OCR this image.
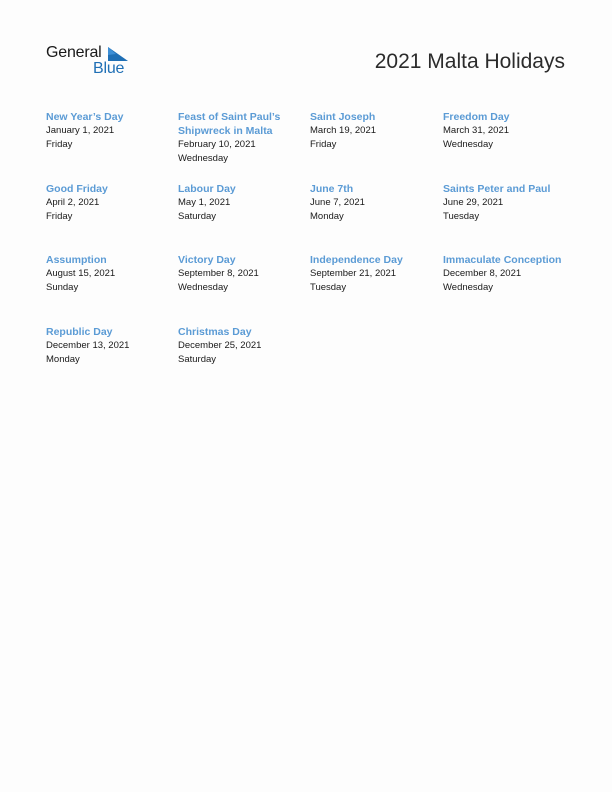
General
Blue	2021 Malta Holidays
New Year’s Day
January 1, 2021
Friday
Feast of Saint Paul’s Shipwreck in Malta
February 10, 2021
Wednesday
Saint Joseph
March 19, 2021
Friday
Freedom Day
March 31, 2021
Wednesday
Good Friday
April 2, 2021
Friday
Labour Day
May 1, 2021
Saturday
June 7th
June 7, 2021
Monday
Saints Peter and Paul
June 29, 2021
Tuesday
Assumption
August 15, 2021
Sunday
Victory Day
September 8, 2021
Wednesday
Independence Day
September 21, 2021
Tuesday
Immaculate Conception
December 8, 2021
Wednesday
Republic Day
December 13, 2021
Monday
Christmas Day
December 25, 2021
Saturday
